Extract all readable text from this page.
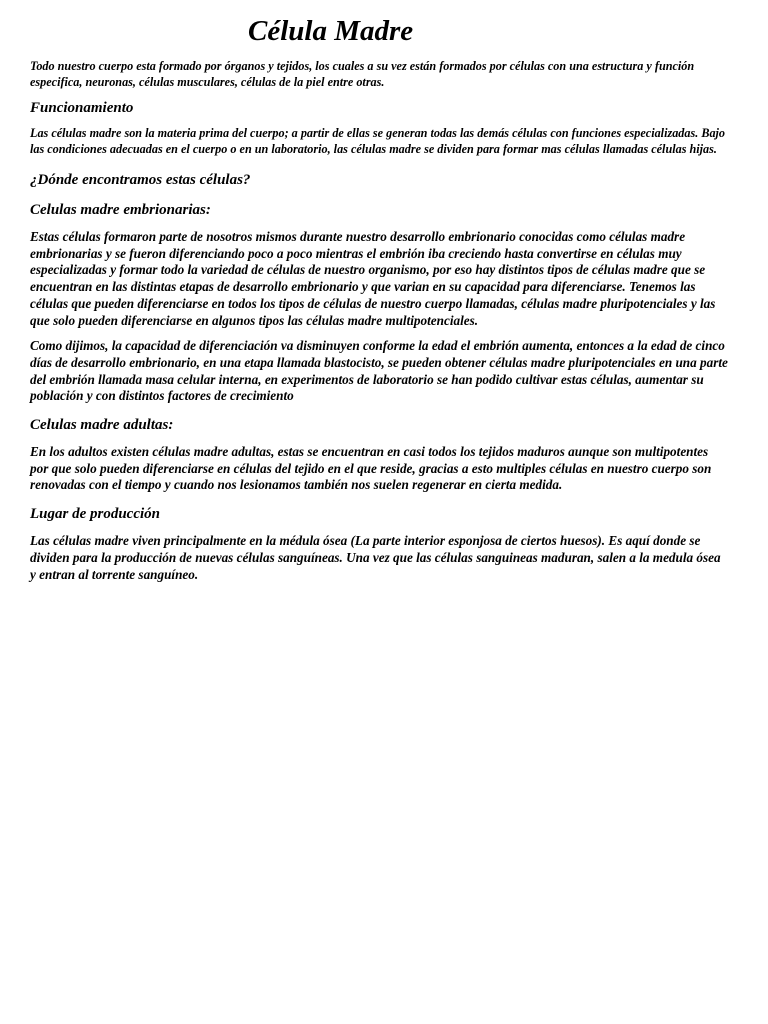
Célula Madre

Todo nuestro cuerpo esta formado por órganos y tejidos, los cuales a su vez están formados por células con una estructura y función especifica, neuronas, células musculares, células de la piel entre otras.

Funcionamiento

Las células madre son la materia prima del cuerpo; a partir de ellas se generan todas las demás células con funciones especializadas. Bajo las condiciones adecuadas en el cuerpo o en un laboratorio, las células madre se dividen para formar mas células llamadas células hijas.

¿Dónde encontramos estas células?
Celulas madre embrionarias:

Estas células formaron parte de nosotros mismos durante nuestro desarrollo embrionario conocidas como células madre embrionarias y se fueron diferenciando poco a poco mientras el embrión iba creciendo hasta convertirse en células muy especializadas y formar todo la variedad de células de nuestro organismo, por eso hay distintos tipos de células madre que se encuentran en las distintas etapas de desarrollo embrionario y que varian en su capacidad para diferenciarse. Tenemos las células que pueden diferenciarse en todos los tipos de células de nuestro cuerpo llamadas, células madre pluripotenciales y las que solo pueden diferenciarse en algunos tipos las células madre multipotenciales.

Como dijimos, la capacidad de diferenciación va disminuyen conforme la edad el embrión aumenta, entonces a la edad de cinco días de desarrollo embrionario, en una etapa llamada blastocisto, se pueden obtener células madre pluripotenciales en una parte del embrión llamada masa celular interna, en experimentos de laboratorio se han podido cultivar estas células, aumentar su población y con distintos factores de crecimiento

Celulas madre adultas:

En los adultos existen células madre adultas, estas se encuentran en casi todos los tejidos maduros aunque son multipotentes por que solo pueden diferenciarse en células del tejido en el que reside, gracias a esto multiples células en nuestro cuerpo son renovadas con el tiempo y cuando nos lesionamos también nos suelen regenerar en cierta medida.

Lugar de producción

Las células madre viven principalmente en la médula ósea (La parte interior esponjosa de ciertos huesos). Es aquí donde se dividen para la producción de nuevas células sanguíneas. Una vez que las células sanguineas maduran, salen a la medula ósea y entran al torrente sanguíneo.
